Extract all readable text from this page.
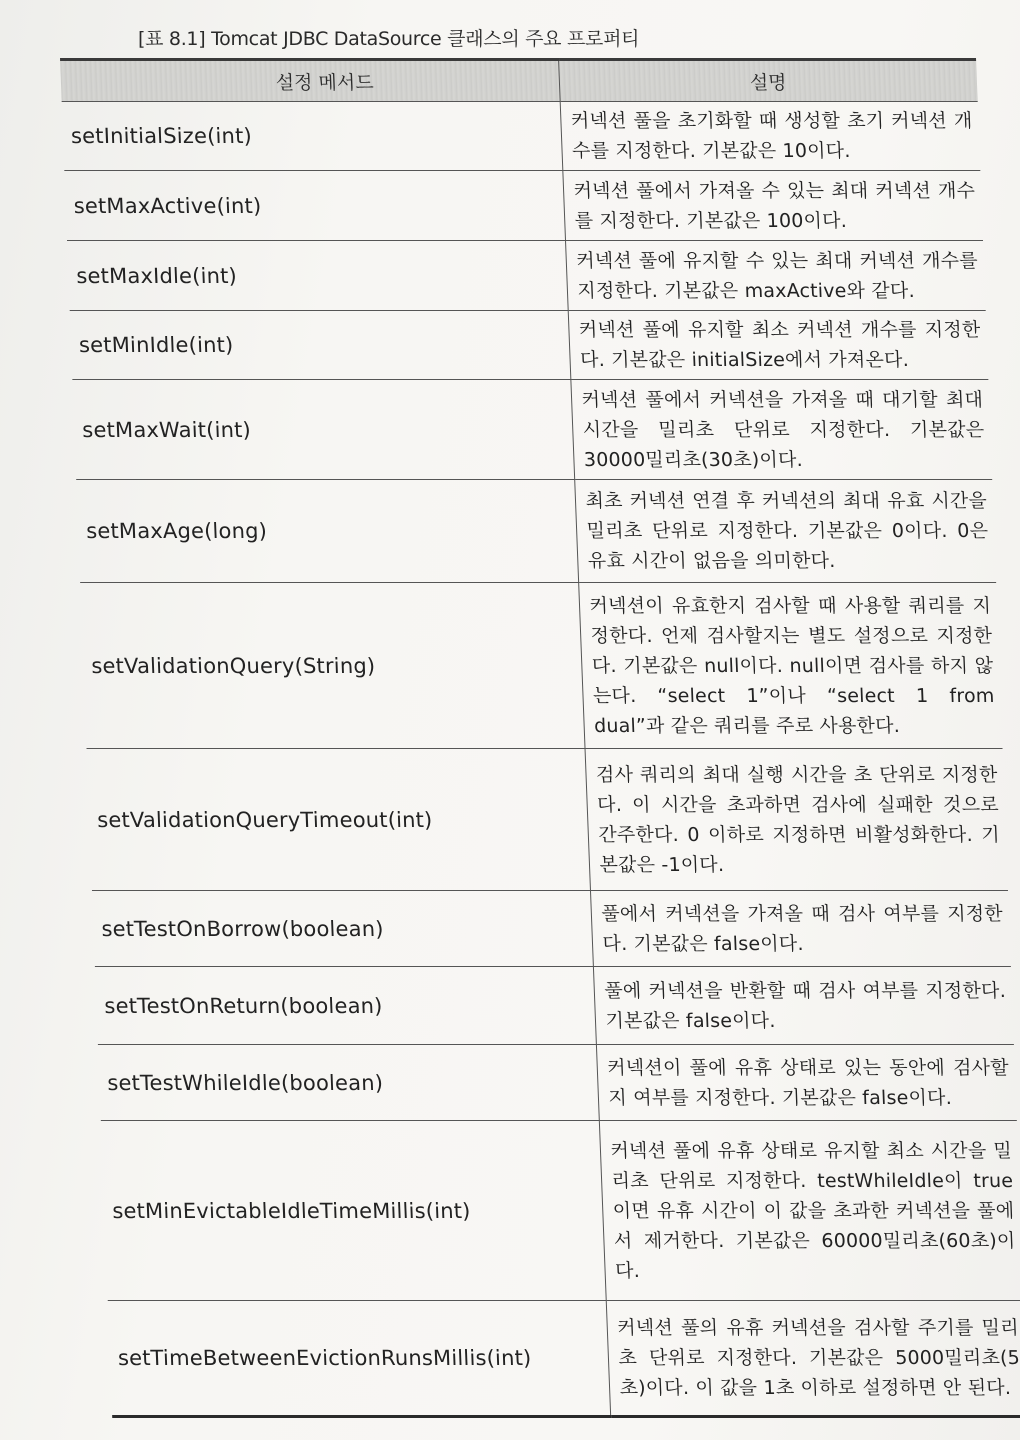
[표 8.1] Tomcat JDBC DataSource 클래스의 주요 프로퍼티
설정 메서드	설명
setInitialSize(int)	커넥션 풀을 초기화할 때 생성할 초기 커넥션 개수를 지정한다. 기본값은 10이다.
setMaxActive(int)	커넥션 풀에서 가져올 수 있는 최대 커넥션 개수를 지정한다. 기본값은 100이다.
setMaxIdle(int)	커넥션 풀에 유지할 수 있는 최대 커넥션 개수를 지정한다. 기본값은 maxActive와 같다.
setMinIdle(int)	커넥션 풀에 유지할 최소 커넥션 개수를 지정한다. 기본값은 initialSize에서 가져온다.
setMaxWait(int)	커넥션 풀에서 커넥션을 가져올 때 대기할 최대 시간을 밀리초 단위로 지정한다. 기본값은 30000밀리초(30초)이다.
setMaxAge(long)	최초 커넥션 연결 후 커넥션의 최대 유효 시간을 밀리초 단위로 지정한다. 기본값은 0이다. 0은 유효 시간이 없음을 의미한다.
setValidationQuery(String)	커넥션이 유효한지 검사할 때 사용할 쿼리를 지정한다. 언제 검사할지는 별도 설정으로 지정한다. 기본값은 null이다. null이면 검사를 하지 않는다. “select 1”이나 “select 1 from dual”과 같은 쿼리를 주로 사용한다.
setValidationQueryTimeout(int)	검사 쿼리의 최대 실행 시간을 초 단위로 지정한다. 이 시간을 초과하면 검사에 실패한 것으로 간주한다. 0 이하로 지정하면 비활성화한다. 기본값은 -1이다.
setTestOnBorrow(boolean)	풀에서 커넥션을 가져올 때 검사 여부를 지정한다. 기본값은 false이다.
setTestOnReturn(boolean)	풀에 커넥션을 반환할 때 검사 여부를 지정한다. 기본값은 false이다.
setTestWhileIdle(boolean)	커넥션이 풀에 유휴 상태로 있는 동안에 검사할지 여부를 지정한다. 기본값은 false이다.
setMinEvictableIdleTimeMillis(int)	커넥션 풀에 유휴 상태로 유지할 최소 시간을 밀리초 단위로 지정한다. testWhileIdle이 true이면 유휴 시간이 이 값을 초과한 커넥션을 풀에서 제거한다. 기본값은 60000밀리초(60초)이다.
setTimeBetweenEvictionRunsMillis(int)	커넥션 풀의 유휴 커넥션을 검사할 주기를 밀리초 단위로 지정한다. 기본값은 5000밀리초(5초)이다. 이 값을 1초 이하로 설정하면 안 된다.
